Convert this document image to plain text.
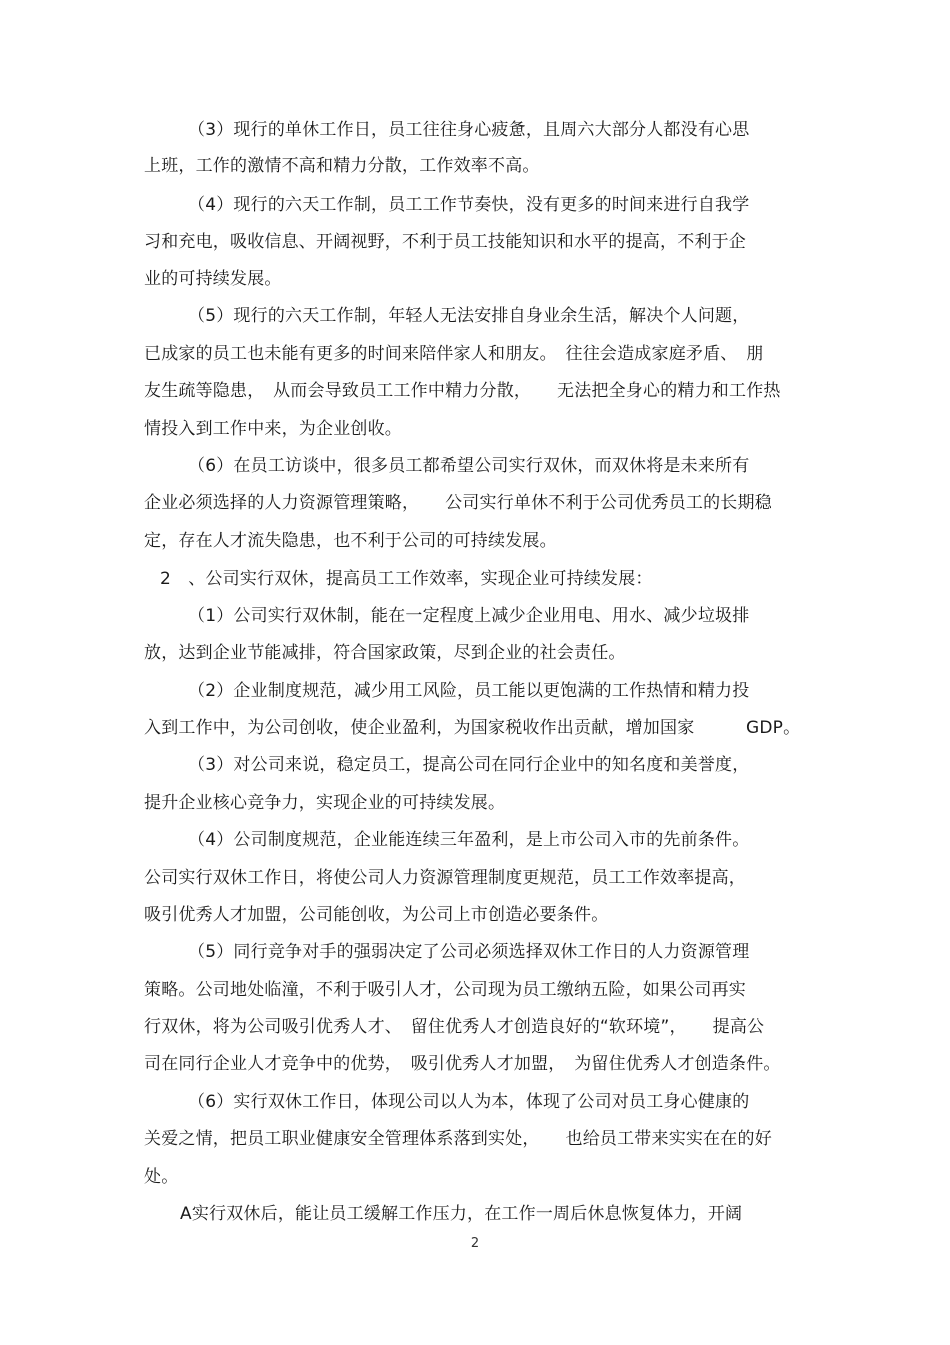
（3）现行的单休工作日，员工往往身心疲惫，且周六大部分人都没有心思
上班，工作的激情不高和精力分散，工作效率不高。
（4）现行的六天工作制，员工工作节奏快，没有更多的时间来进行自我学
习和充电，吸收信息、开阔视野，不利于员工技能知识和水平的提高，不利于企
业的可持续发展。
（5）现行的六天工作制，年轻人无法安排自身业余生活，解决个人问题，
已成家的员工也未能有更多的时间来陪伴家人和朋友。　往往会造成家庭矛盾、　朋
友生疏等隐患，　从而会导致员工工作中精力分散，　　无法把全身心的精力和工作热
情投入到工作中来，为企业创收。
（6）在员工访谈中，很多员工都希望公司实行双休，而双休将是未来所有
企业必须选择的人力资源管理策略，　　公司实行单休不利于公司优秀员工的长期稳
定，存在人才流失隐患，也不利于公司的可持续发展。
2　、公司实行双休，提高员工工作效率，实现企业可持续发展：
（1）公司实行双休制，能在一定程度上减少企业用电、用水、减少垃圾排
放，达到企业节能减排，符合国家政策，尽到企业的社会责任。
（2）企业制度规范，减少用工风险，员工能以更饱满的工作热情和精力投
入到工作中，为公司创收，使企业盈利，为国家税收作出贡献，增加国家　　　GDP。
（3）对公司来说，稳定员工，提高公司在同行企业中的知名度和美誉度，
提升企业核心竞争力，实现企业的可持续发展。
（4）公司制度规范，企业能连续三年盈利，是上市公司入市的先前条件。
公司实行双休工作日，将使公司人力资源管理制度更规范，员工工作效率提高，
吸引优秀人才加盟，公司能创收，为公司上市创造必要条件。
（5）同行竞争对手的强弱决定了公司必须选择双休工作日的人力资源管理
策略。公司地处临潼，不利于吸引人才，公司现为员工缴纳五险，如果公司再实
行双休，将为公司吸引优秀人才、　留住优秀人才创造良好的“软环境”，　　提高公
司在同行企业人才竞争中的优势，　吸引优秀人才加盟，　为留住优秀人才创造条件。
（6）实行双休工作日，体现公司以人为本，体现了公司对员工身心健康的
关爱之情，把员工职业健康安全管理体系落到实处，　　也给员工带来实实在在的好
处。
A实行双休后，能让员工缓解工作压力，在工作一周后休息恢复体力，开阔
2
